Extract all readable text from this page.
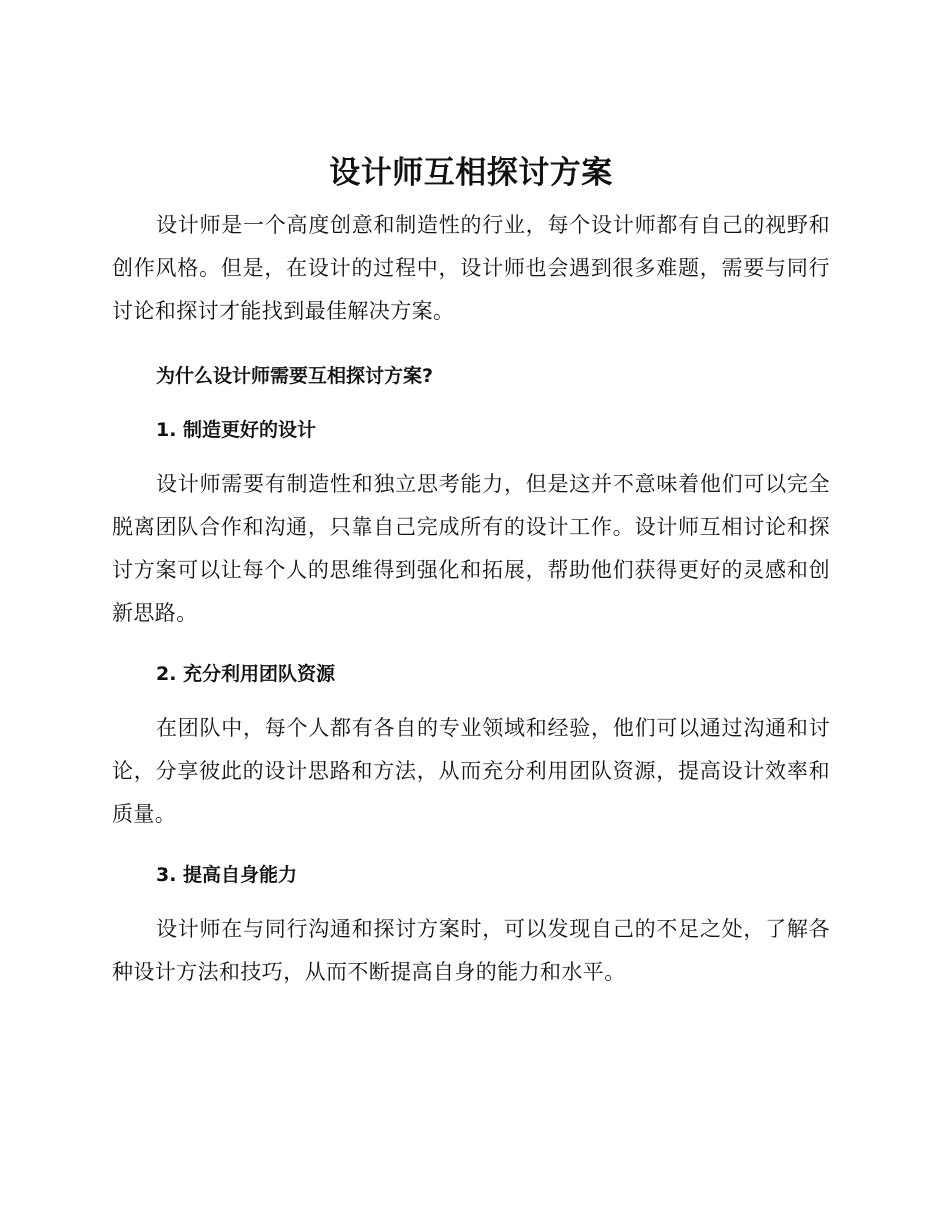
设计师互相探讨方案

设计师是一个高度创意和制造性的行业，每个设计师都有自己的视野和创作风格。但是，在设计的过程中，设计师也会遇到很多难题，需要与同行讨论和探讨才能找到最佳解决方案。

为什么设计师需要互相探讨方案?
1. 制造更好的设计

设计师需要有制造性和独立思考能力，但是这并不意味着他们可以完全脱离团队合作和沟通，只靠自己完成所有的设计工作。设计师互相讨论和探讨方案可以让每个人的思维得到强化和拓展，帮助他们获得更好的灵感和创新思路。

2. 充分利用团队资源

在团队中，每个人都有各自的专业领域和经验，他们可以通过沟通和讨论，分享彼此的设计思路和方法，从而充分利用团队资源，提高设计效率和质量。

3. 提高自身能力

设计师在与同行沟通和探讨方案时，可以发现自己的不足之处，了解各种设计方法和技巧，从而不断提高自身的能力和水平。
